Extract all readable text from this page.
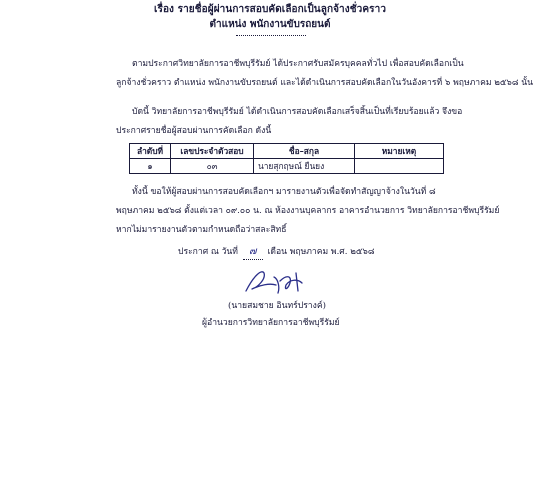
เรื่อง รายชื่อผู้ผ่านการสอบคัดเลือกเป็นลูกจ้างชั่วคราว
ตำแหน่ง พนักงานขับรถยนต์
ตามประกาศวิทยาลัยการอาชีพบุรีรัมย์ ได้ประกาศรับสมัครบุคคลทั่วไป เพื่อสอบคัดเลือกเป็น
ลูกจ้างชั่วคราว ตำแหน่ง พนักงานขับรถยนต์ และได้ดำเนินการสอบคัดเลือกในวันอังคารที่ ๖ พฤษภาคม ๒๕๖๘ นั้น
บัดนี้ วิทยาลัยการอาชีพบุรีรัมย์ ได้ดำเนินการสอบคัดเลือกเสร็จสิ้นเป็นที่เรียบร้อยแล้ว จึงขอ
ประกาศรายชื่อผู้สอบผ่านการคัดเลือก ดังนี้
ลำดับที่	เลขประจำตัวสอบ	ชื่อ–สกุล	หมายเหตุ
๑	๐๓	นายสุกฤษณ์ ยืนยง	
ทั้งนี้ ขอให้ผู้สอบผ่านการสอบคัดเลือกฯ มารายงานตัวเพื่อจัดทำสัญญาจ้างในวันที่ ๘
พฤษภาคม ๒๕๖๘ ตั้งแต่เวลา ๐๙.๐๐ น. ณ ห้องงานบุคลากร อาคารอำนวยการ วิทยาลัยการอาชีพบุรีรัมย์
หากไม่มารายงานตัวตามกำหนดถือว่าสละสิทธิ์
ประกาศ ณ วันที่ ๗ เดือน พฤษภาคม พ.ศ. ๒๕๖๘
(นายสมชาย อินทร์ปรางค์)
ผู้อำนวยการวิทยาลัยการอาชีพบุรีรัมย์
